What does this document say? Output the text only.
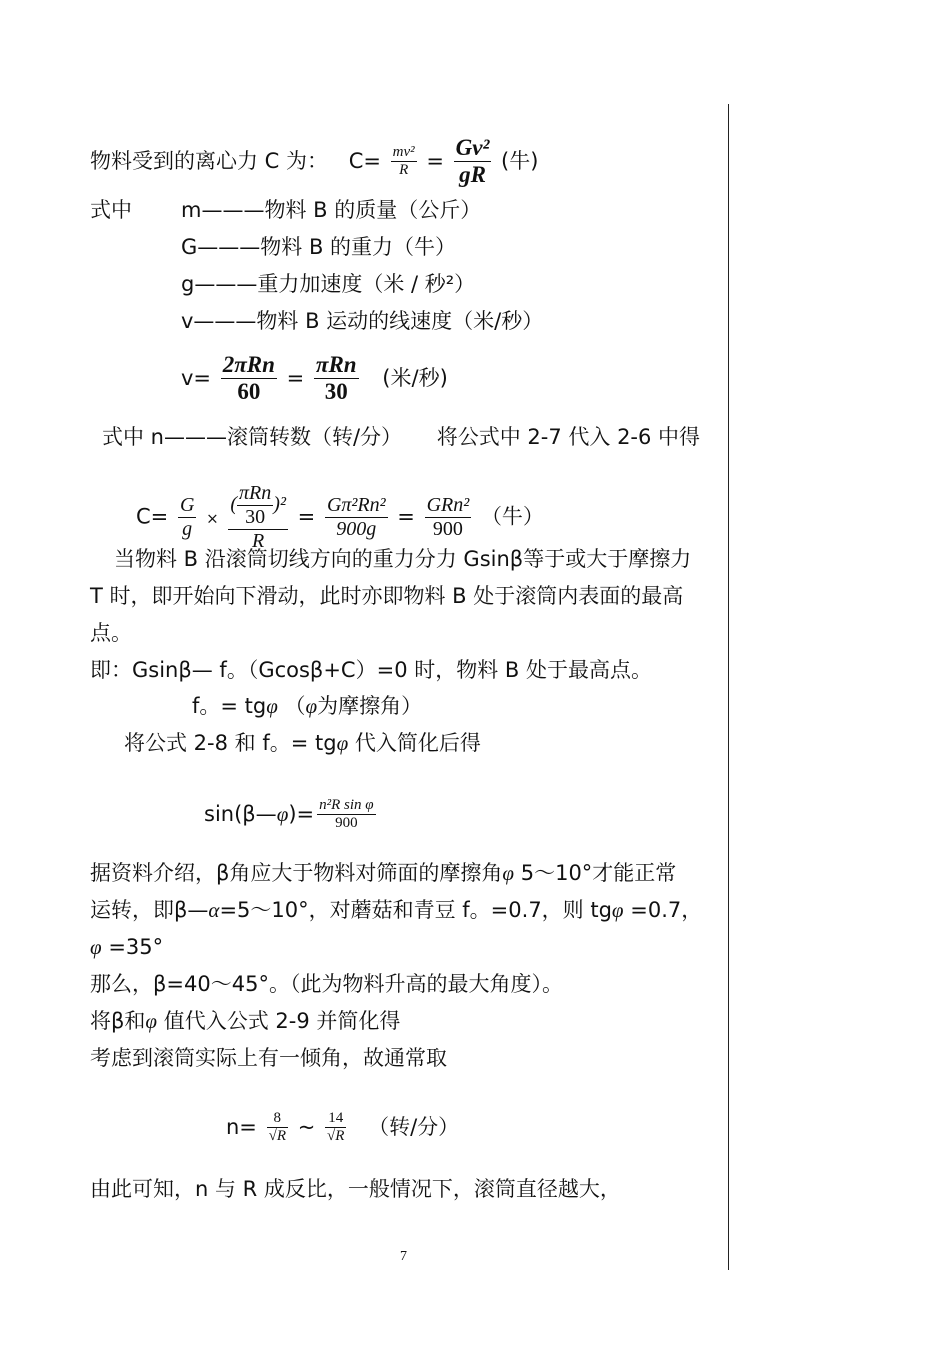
物料受到的离心力 C 为： $C= \frac{\text{mv²}}{R} = \frac{\text{Gv²}}{gR}$ (牛)
式中 m———物料 B 的质量（公斤）
G———物料 B 的重力（牛）
g———重力加速度（米 / 秒²）
v———物料 B 运动的线速度（米/秒）
$v= \frac{\text{2πRn}}{60} = \frac{\text{πRn}}{30}$ (米/秒)
式中 n———滚筒转数（转/分） 将公式中 2-7 代入 2-6 中得
$C= \frac{G}{g} \times \frac{( \frac{\text{πRn}}{30} )^2}{R} = \frac{\text{Gπ²Rn²}}{900g} = \frac{\text{GRn²}}{900}$ （牛）
当物料 B 沿滚筒切线方向的重力分力 Gsinβ等于或大于摩擦力
T 时，即开始向下滑动，此时亦即物料 B 处于滚筒内表面的最高
点。
即：Gsinβ— f。（Gcosβ+C）=0 时，物料 B 处于最高点。
f。= tgφ （φ为摩擦角）
将公式 2-8 和 f。= tgφ 代入简化后得
sin(β—φ)= $\frac{\text{n²R sin φ}}{900}$
据资料介绍，β角应大于物料对筛面的摩擦角φ 5～10°才能正常
运转，即β—α=5～10°，对蘑菇和青豆 f。=0.7，则 tgφ =0.7，
φ =35°
那么，β=40～45°。（此为物料升高的最大角度）。
将β和φ 值代入公式 2-9 并简化得
考虑到滚筒实际上有一倾角，故通常取
$n= \frac{8}{√R}$ ~ $\frac{14}{√R}$ （转/分）
由此可知，n 与 R 成反比，一般情况下，滚筒直径越大，
7
